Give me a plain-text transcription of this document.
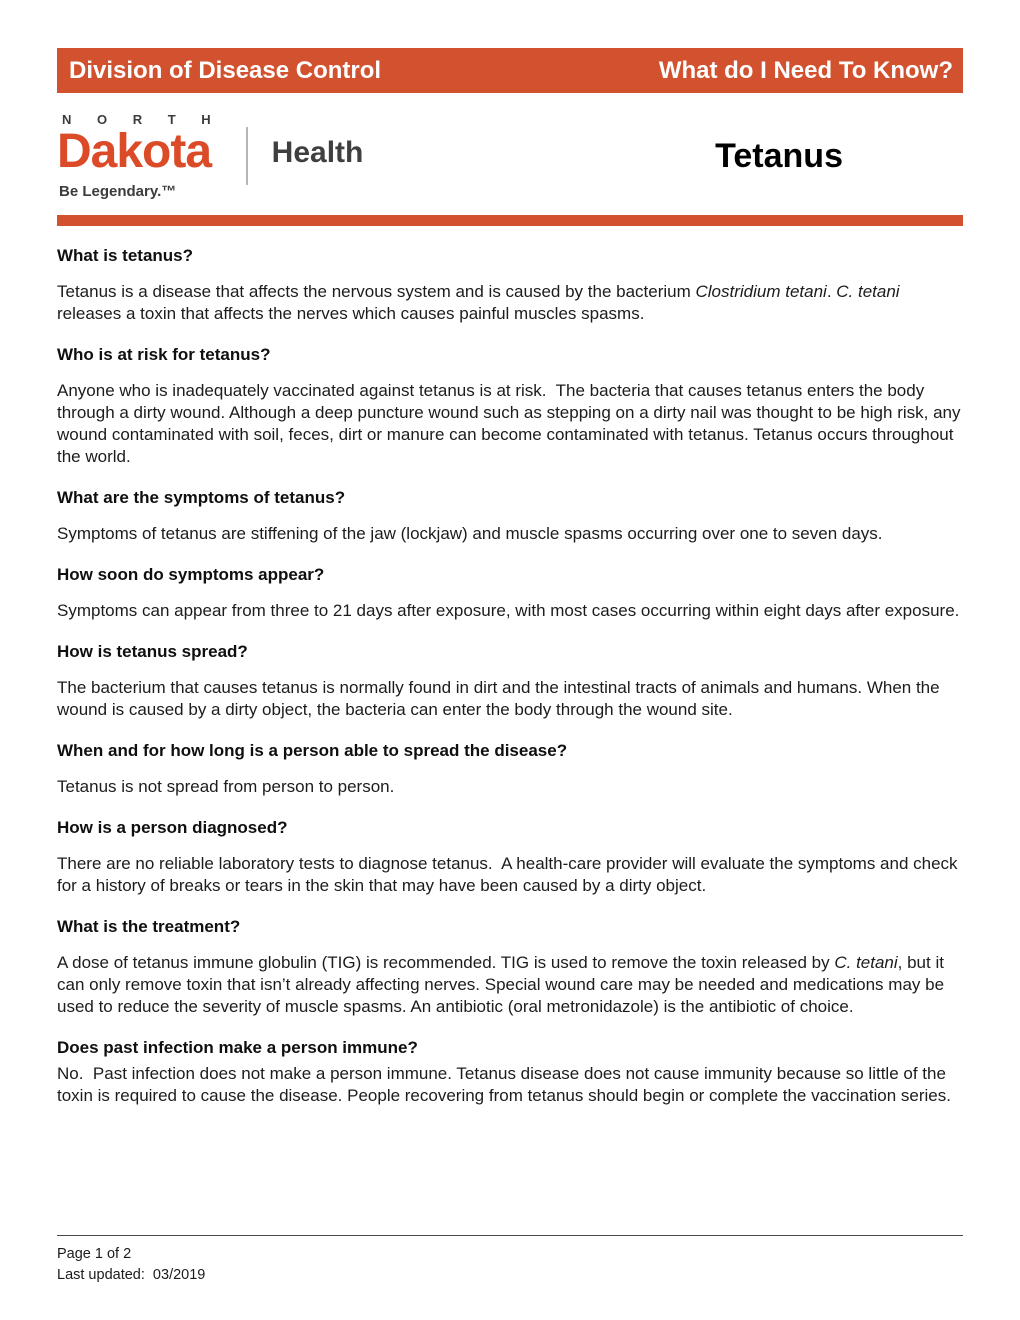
Division of Disease Control	What do I Need To Know?
N O R T H
Dakota
Be Legendary.™
Health	Tetanus
What is tetanus?

Tetanus is a disease that affects the nervous system and is caused by the bacterium Clostridium tetani. C. tetani releases a toxin that affects the nerves which causes painful muscles spasms.

Who is at risk for tetanus?

Anyone who is inadequately vaccinated against tetanus is at risk.  The bacteria that causes tetanus enters the body through a dirty wound. Although a deep puncture wound such as stepping on a dirty nail was thought to be high risk, any wound contaminated with soil, feces, dirt or manure can become contaminated with tetanus. Tetanus occurs throughout the world.

What are the symptoms of tetanus?

Symptoms of tetanus are stiffening of the jaw (lockjaw) and muscle spasms occurring over one to seven days.

How soon do symptoms appear?

Symptoms can appear from three to 21 days after exposure, with most cases occurring within eight days after exposure.

How is tetanus spread?

The bacterium that causes tetanus is normally found in dirt and the intestinal tracts of animals and humans. When the wound is caused by a dirty object, the bacteria can enter the body through the wound site.

When and for how long is a person able to spread the disease?

Tetanus is not spread from person to person.

How is a person diagnosed?

There are no reliable laboratory tests to diagnose tetanus.  A health-care provider will evaluate the symptoms and check for a history of breaks or tears in the skin that may have been caused by a dirty object.

What is the treatment?

A dose of tetanus immune globulin (TIG) is recommended. TIG is used to remove the toxin released by C. tetani, but it can only remove toxin that isn’t already affecting nerves. Special wound care may be needed and medications may be used to reduce the severity of muscle spasms. An antibiotic (oral metronidazole) is the antibiotic of choice.

Does past infection make a person immune?

No.  Past infection does not make a person immune. Tetanus disease does not cause immunity because so little of the toxin is required to cause the disease. People recovering from tetanus should begin or complete the vaccination series.

Page 1 of 2
Last updated:  03/2019
